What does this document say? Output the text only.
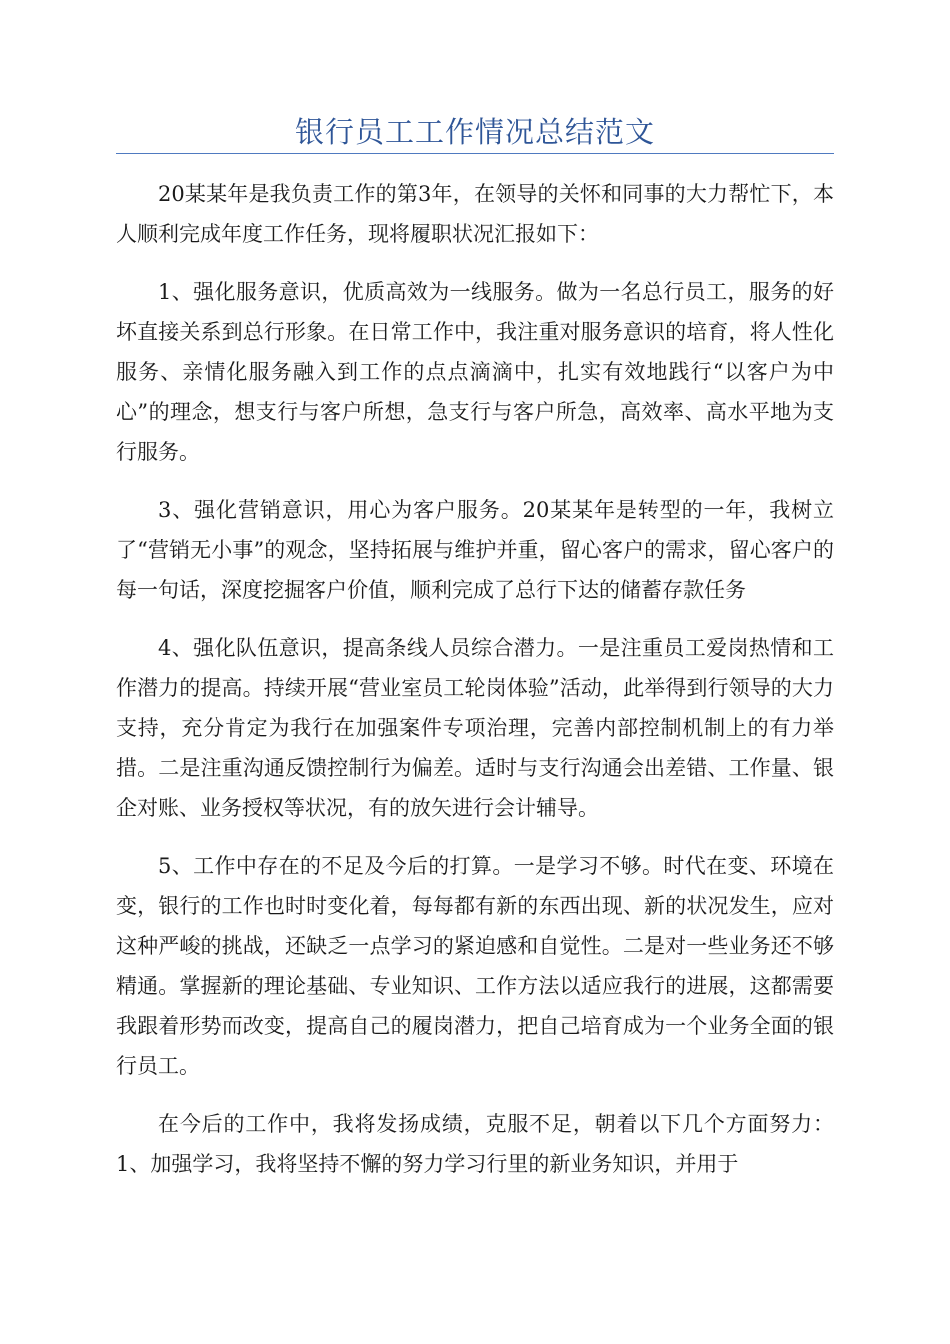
银行员工工作情况总结范文

20某某年是我负责工作的第3年，在领导的关怀和同事的大力帮忙下，本人顺利完成年度工作任务，现将履职状况汇报如下：

1、强化服务意识，优质高效为一线服务。做为一名总行员工，服务的好坏直接关系到总行形象。在日常工作中，我注重对服务意识的培育，将人性化服务、亲情化服务融入到工作的点点滴滴中，扎实有效地践行“以客户为中心”的理念，想支行与客户所想，急支行与客户所急，高效率、高水平地为支行服务。

3、强化营销意识，用心为客户服务。20某某年是转型的一年，我树立了“营销无小事”的观念，坚持拓展与维护并重，留心客户的需求，留心客户的每一句话，深度挖掘客户价值，顺利完成了总行下达的储蓄存款任务

4、强化队伍意识，提高条线人员综合潜力。一是注重员工爱岗热情和工作潜力的提高。持续开展“营业室员工轮岗体验”活动，此举得到行领导的大力支持，充分肯定为我行在加强案件专项治理，完善内部控制机制上的有力举措。二是注重沟通反馈控制行为偏差。适时与支行沟通会出差错、工作量、银企对账、业务授权等状况，有的放矢进行会计辅导。

5、工作中存在的不足及今后的打算。一是学习不够。时代在变、环境在变，银行的工作也时时变化着，每每都有新的东西出现、新的状况发生，应对这种严峻的挑战，还缺乏一点学习的紧迫感和自觉性。二是对一些业务还不够精通。掌握新的理论基础、专业知识、工作方法以适应我行的进展，这都需要我跟着形势而改变，提高自己的履岗潜力，把自己培育成为一个业务全面的银行员工。

在今后的工作中，我将发扬成绩，克服不足，朝着以下几个方面努力：1、加强学习，我将坚持不懈的努力学习行里的新业务知识，并用于
